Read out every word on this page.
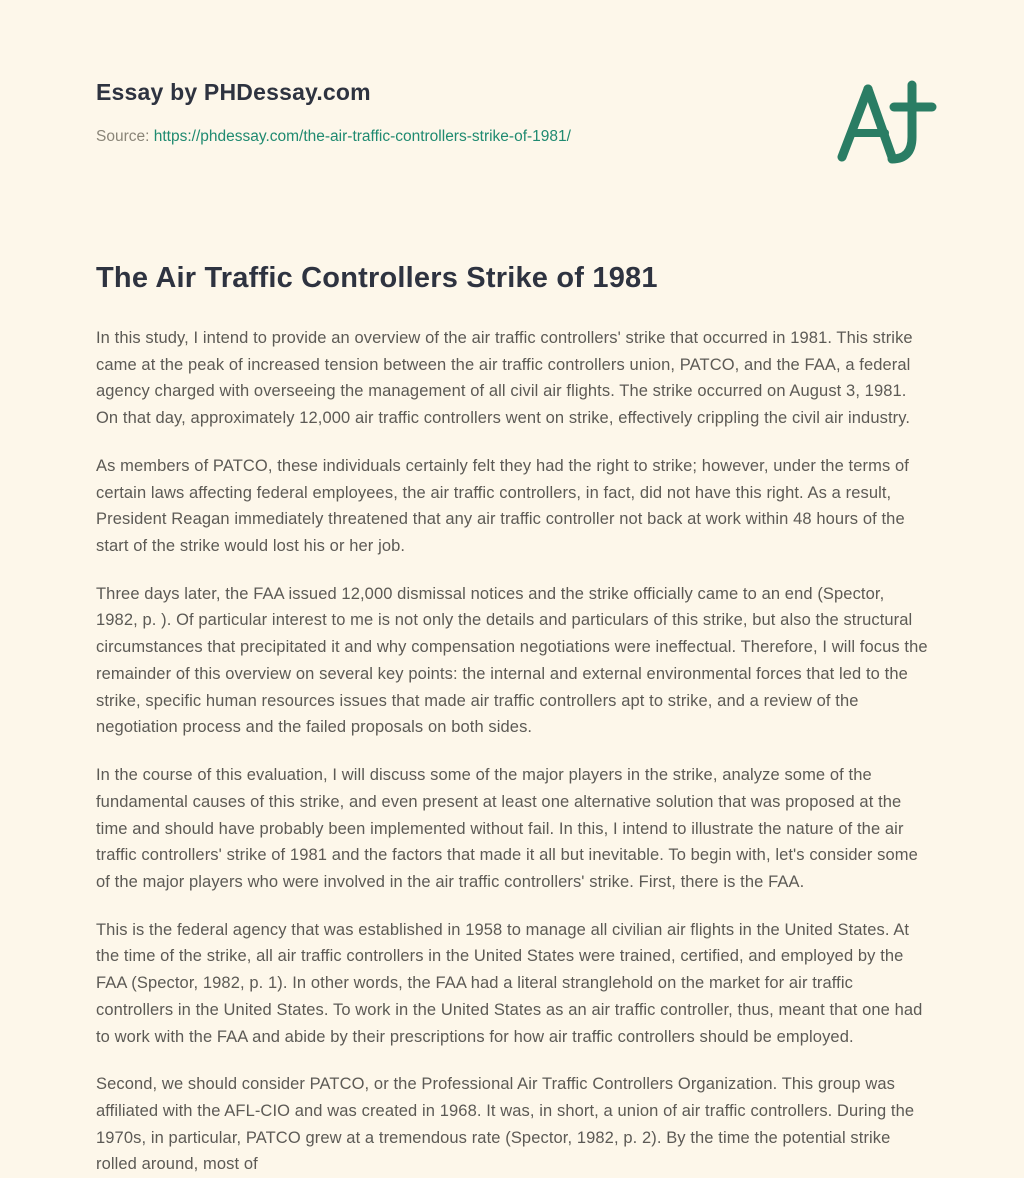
Essay by PHDessay.com
Source: https://phdessay.com/the-air-traffic-controllers-strike-of-1981/
The Air Traffic Controllers Strike of 1981

In this study, I intend to provide an overview of the air traffic controllers' strike that occurred in 1981. This strike came at the peak of increased tension between the air traffic controllers union, PATCO, and the FAA, a federal agency charged with overseeing the management of all civil air flights. The strike occurred on August 3, 1981. On that day, approximately 12,000 air traffic controllers went on strike, effectively crippling the civil air industry.

As members of PATCO, these individuals certainly felt they had the right to strike; however, under the terms of certain laws affecting federal employees, the air traffic controllers, in fact, did not have this right. As a result, President Reagan immediately threatened that any air traffic controller not back at work within 48 hours of the start of the strike would lost his or her job.

Three days later, the FAA issued 12,000 dismissal notices and the strike officially came to an end (Spector, 1982, p. ). Of particular interest to me is not only the details and particulars of this strike, but also the structural circumstances that precipitated it and why compensation negotiations were ineffectual. Therefore, I will focus the remainder of this overview on several key points: the internal and external environmental forces that led to the strike, specific human resources issues that made air traffic controllers apt to strike, and a review of the negotiation process and the failed proposals on both sides.

In the course of this evaluation, I will discuss some of the major players in the strike, analyze some of the fundamental causes of this strike, and even present at least one alternative solution that was proposed at the time and should have probably been implemented without fail. In this, I intend to illustrate the nature of the air traffic controllers' strike of 1981 and the factors that made it all but inevitable. To begin with, let's consider some of the major players who were involved in the air traffic controllers' strike. First, there is the FAA.

This is the federal agency that was established in 1958 to manage all civilian air flights in the United States. At the time of the strike, all air traffic controllers in the United States were trained, certified, and employed by the FAA (Spector, 1982, p. 1). In other words, the FAA had a literal stranglehold on the market for air traffic controllers in the United States. To work in the United States as an air traffic controller, thus, meant that one had to work with the FAA and abide by their prescriptions for how air traffic controllers should be employed.

Second, we should consider PATCO, or the Professional Air Traffic Controllers Organization. This group was affiliated with the AFL-CIO and was created in 1968. It was, in short, a union of air traffic controllers. During the 1970s, in particular, PATCO grew at a tremendous rate (Spector, 1982, p. 2). By the time the potential strike rolled around, most of
